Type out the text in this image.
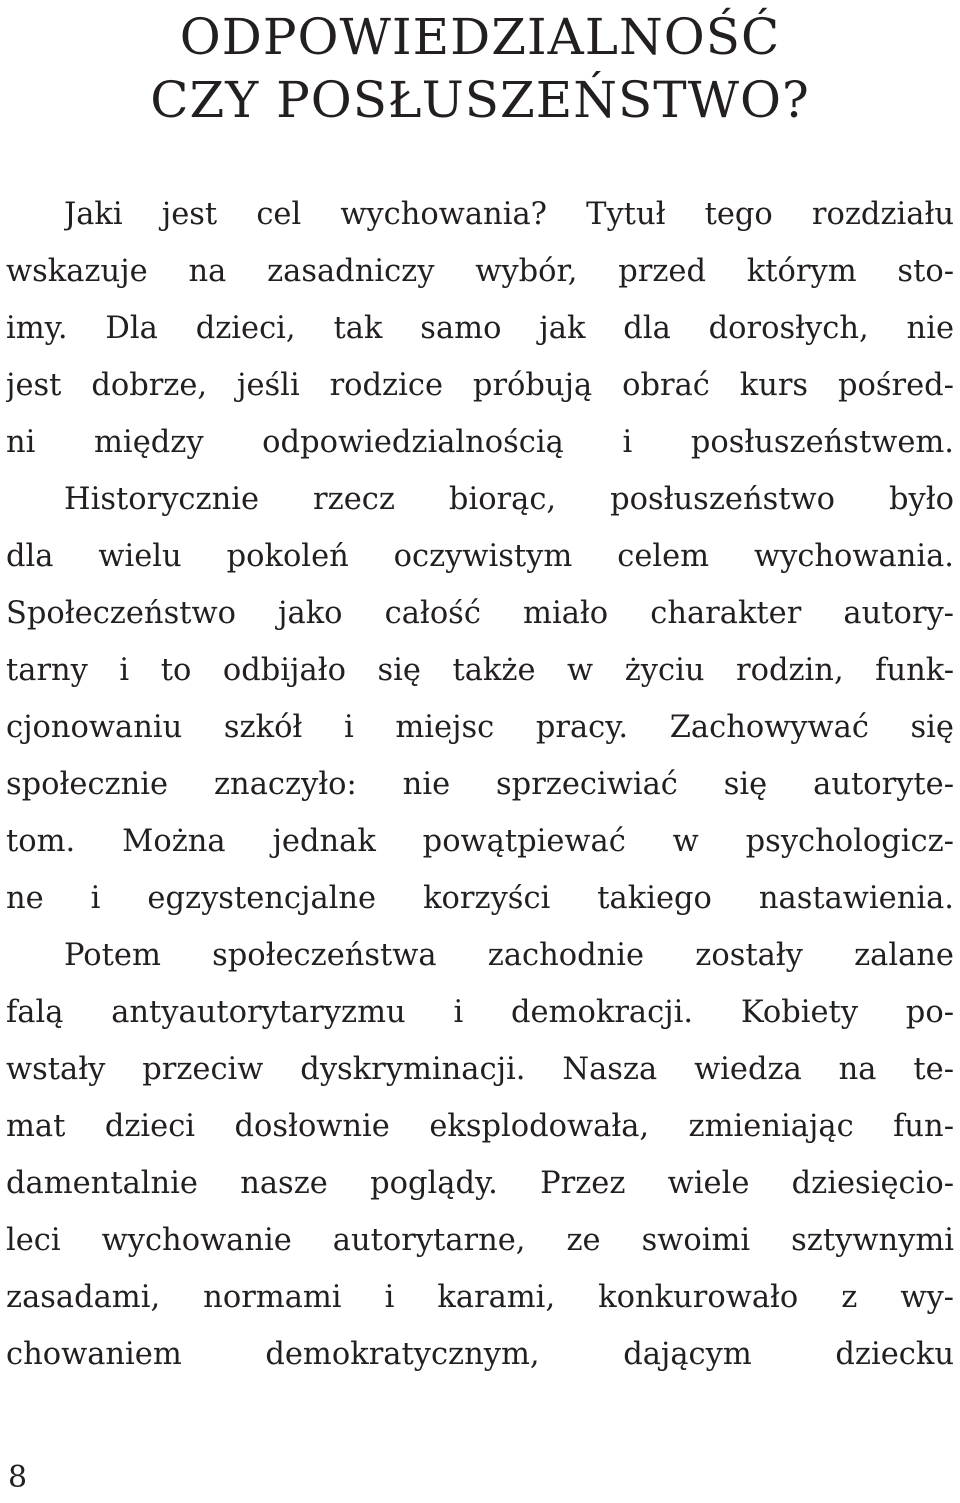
ODPOWIEDZIALNOŚĆ
CZY POSŁUSZEŃSTWO?
Jaki jest cel wychowania? Tytuł tego rozdziału
wskazuje na zasadniczy wybór, przed którym sto-
imy. Dla dzieci, tak samo jak dla dorosłych, nie
jest dobrze, jeśli rodzice próbują obrać kurs pośred-
ni między odpowiedzialnością i posłuszeństwem.
Historycznie rzecz biorąc, posłuszeństwo było
dla wielu pokoleń oczywistym celem wychowania.
Społeczeństwo jako całość miało charakter autory-
tarny i to odbijało się także w życiu rodzin, funk-
cjonowaniu szkół i miejsc pracy. Zachowywać się
społecznie znaczyło: nie sprzeciwiać się autoryte-
tom. Można jednak powątpiewać w psychologicz-
ne i egzystencjalne korzyści takiego nastawienia.
Potem społeczeństwa zachodnie zostały zalane
falą antyautorytaryzmu i demokracji. Kobiety po-
wstały przeciw dyskryminacji. Nasza wiedza na te-
mat dzieci dosłownie eksplodowała, zmieniając fun-
damentalnie nasze poglądy. Przez wiele dziesięcio-
leci wychowanie autorytarne, ze swoimi sztywnymi
zasadami, normami i karami, konkurowało z wy-
chowaniem demokratycznym, dającym dziecku
8
